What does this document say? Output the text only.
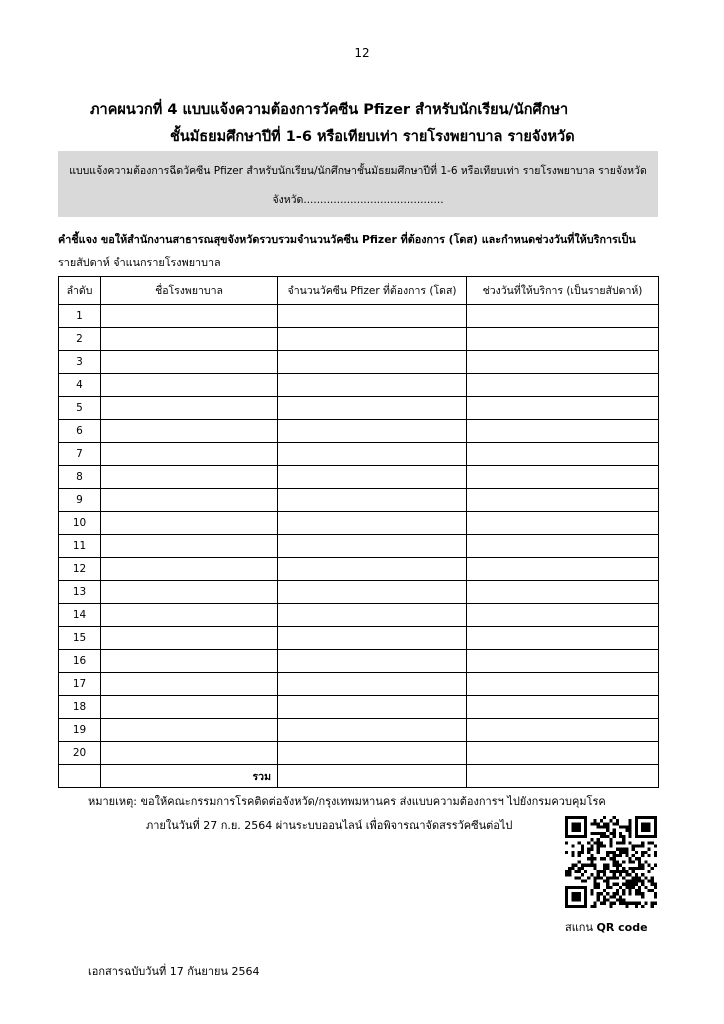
12
ภาคผนวกที่ 4 แบบแจ้งความต้องการวัคซีน Pfizer สำหรับนักเรียน/นักศึกษา
ชั้นมัธยมศึกษาปีที่ 1-6 หรือเทียบเท่า รายโรงพยาบาล รายจังหวัด
แบบแจ้งความต้องการฉีดวัคซีน Pfizer สำหรับนักเรียน/นักศึกษาชั้นมัธยมศึกษาปีที่ 1-6 หรือเทียบเท่า รายโรงพยาบาล รายจังหวัด
จังหวัด..........................................
คำชี้แจง ขอให้สำนักงานสาธารณสุขจังหวัดรวบรวมจำนวนวัคซีน Pfizer ที่ต้องการ (โดส) และกำหนดช่วงวันที่ให้บริการเป็น
รายสัปดาห์ จำแนกรายโรงพยาบาล
ลำดับ	ชื่อโรงพยาบาล	จำนวนวัคซีน Pfizer ที่ต้องการ (โดส)	ช่วงวันที่ให้บริการ (เป็นรายสัปดาห์)
1			
2			
3			
4			
5			
6			
7			
8			
9			
10			
11			
12			
13			
14			
15			
16			
17			
18			
19			
20			
	รวม		
หมายเหตุ: ขอให้คณะกรรมการโรคติดต่อจังหวัด/กรุงเทพมหานคร ส่งแบบความต้องการฯ ไปยังกรมควบคุมโรค
ภายในวันที่ 27 ก.ย. 2564 ผ่านระบบออนไลน์ เพื่อพิจารณาจัดสรรวัคซีนต่อไป
สแกน QR code
เอกสารฉบับวันที่ 17 กันยายน 2564
